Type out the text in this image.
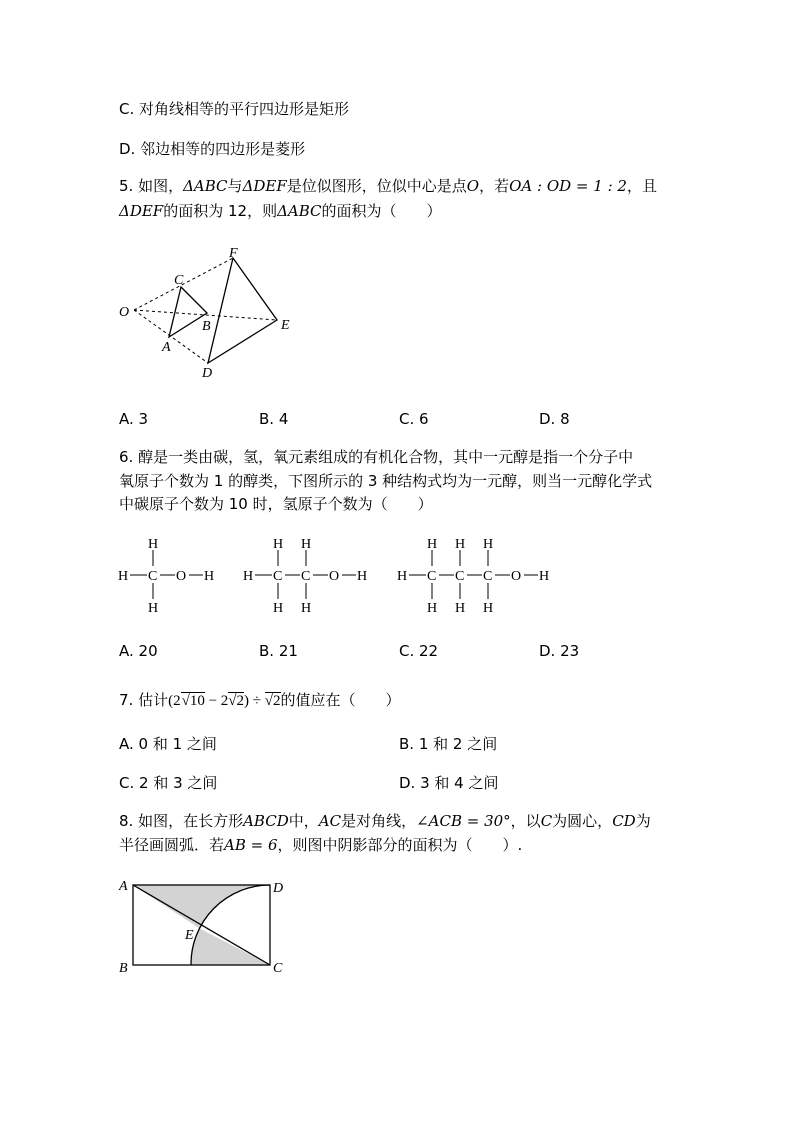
C. 对角线相等的平行四边形是矩形
D. 邻边相等的四边形是菱形
5. 如图，ΔABC与ΔDEF是位似图形，位似中心是点O，若OA : OD = 1 : 2，且
ΔDEF的面积为 12，则ΔABC的面积为（　　）
O
C
B
A
F
E
D
A. 3	B. 4	C. 6	D. 8
6. 醇是一类由碳，氢，氧元素组成的有机化合物，其中一元醇是指一个分子中
氧原子个数为 1 的醇类，下图所示的 3 种结构式均为一元醇，则当一元醇化学式
中碳原子个数为 10 时，氢原子个数为（　　）
H
H C O H
H
H H
H C C O H
H H
H H H
H C C C O H
H H H
A. 20	B. 21	C. 22	D. 23
7. 估计(2√10 − 2√2) ÷ √2的值应在（　　）
A. 0 和 1 之间	B. 1 和 2 之间
C. 2 和 3 之间	D. 3 和 4 之间
8. 如图，在长方形ABCD中，AC是对角线，∠ACB = 30°，以C为圆心，CD为
半径画圆弧．若AB = 6，则图中阴影部分的面积为（　　）.
A	D
B	C
E
